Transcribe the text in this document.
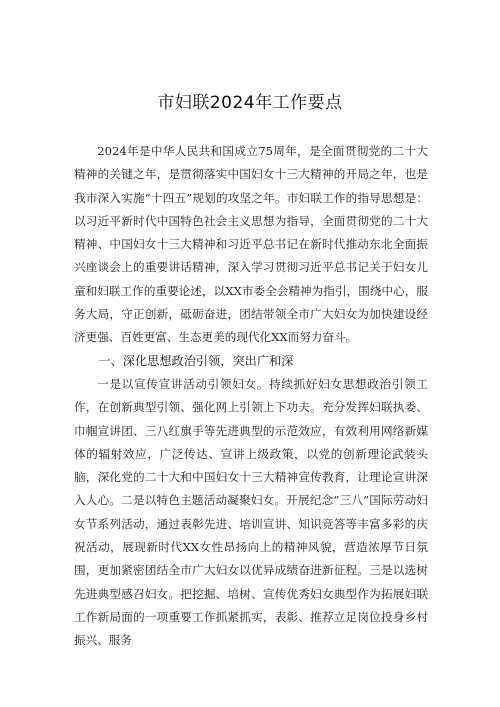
市妇联2024年工作要点

2024年是中华人民共和国成立75周年，是全面贯彻党的二十大精神的关键之年，是贯彻落实中国妇女十三大精神的开局之年，也是我市深入实施“十四五”规划的攻坚之年。市妇联工作的指导思想是：以习近平新时代中国特色社会主义思想为指导，全面贯彻党的二十大精神、中国妇女十三大精神和习近平总书记在新时代推动东北全面振兴座谈会上的重要讲话精神，深入学习贯彻习近平总书记关于妇女儿童和妇联工作的重要论述，以XX市委全会精神为指引，围绕中心，服务大局，守正创新，砥砺奋进，团结带领全市广大妇女为加快建设经济更强、百姓更富、生态更美的现代化XX而努力奋斗。

一、深化思想政治引领，突出广和深

一是以宣传宣讲活动引领妇女。持续抓好妇女思想政治引领工作，在创新典型引领、强化网上引领上下功夫。充分发挥妇联执委、巾帼宣讲团、三八红旗手等先进典型的示范效应，有效利用网络新媒体的辐射效应，广泛传达、宣讲上级政策，以党的创新理论武装头脑，深化党的二十大和中国妇女十三大精神宣传教育，让理论宣讲深入人心。二是以特色主题活动凝聚妇女。开展纪念“三八”国际劳动妇女节系列活动，通过表彰先进、培训宣讲、知识竞答等丰富多彩的庆祝活动，展现新时代XX女性昂扬向上的精神风貌，营造浓厚节日氛围，更加紧密团结全市广大妇女以优异成绩奋进新征程。三是以选树先进典型感召妇女。把挖掘、培树、宣传优秀妇女典型作为拓展妇联工作新局面的一项重要工作抓紧抓实，表彰、推荐立足岗位投身乡村振兴、服务
